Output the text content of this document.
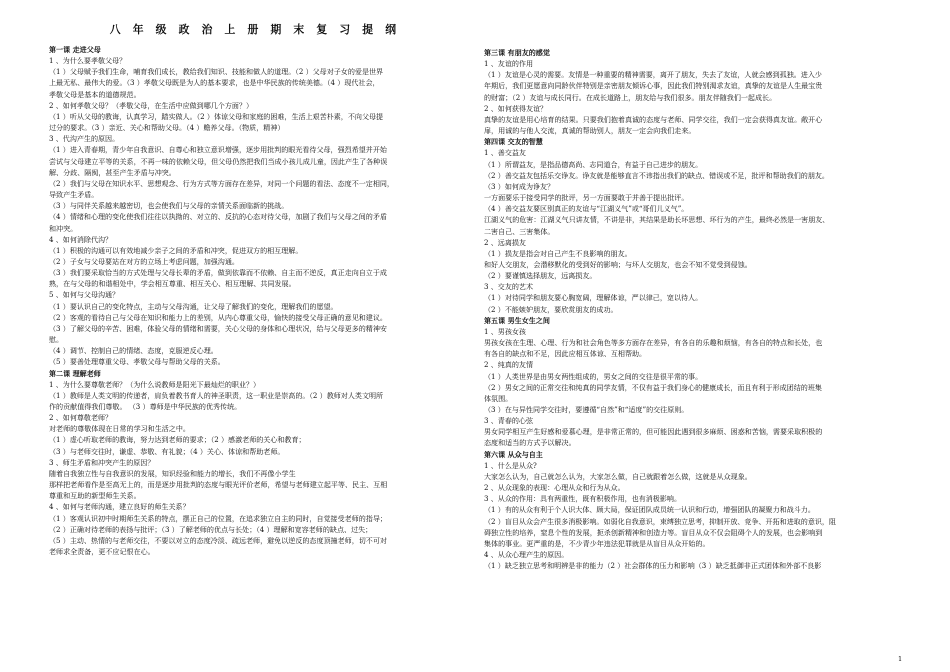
八 年 级 政 治 上 册 期 末 复 习 提 纲
第一课 走进父母
1 、为什么要孝敬父母？
（1 ）父母赋予我们生命，哺育我们成长，教给我们知识、技能和做人的道理。（2 ）父母对子女的爱是世界
上最无私、最伟大的爱。（3 ）孝敬父母既是为人的基本要求，也是中华民族的传统美德。（4 ）现代社会，
孝敬父母是基本的道德规范。
2 、如何孝敬父母？（孝敬父母，在生活中应做到哪几个方面？）
（1 ）听从父母的教诲，认真学习，踏实做人。（2 ）体谅父母和家庭的困难，生活上艰苦朴素，不向父母提
过分的要求。（3 ）亲近、关心和帮助父母。（4 ）赡养父母。（物质，精神）
3 、代沟产生的原因。
（1 ）进入青春期，青少年自我意识、自尊心和独立意识增强，逐步用批判的眼光看待父母，强烈希望并开始
尝试与父母建立平等的关系，不再一味的依赖父母，但父母仍然把我们当成小孩儿成儿童，因此产生了各种误
解、分歧、隔阂，甚至产生矛盾与冲突。
（2 ）我们与父母在知识水平、思想观念、行为方式等方面存在差异，对同一个问题的看法、态度不一定相同，
导致产生矛盾。
（3 ）与同伴关系越来越密切，也会使我们与父母的亲情关系面临新的挑战。
（4 ）情绪和心理的变化使我们往往以执拗的、对立的、反抗的心态对待父母，加剧了我们与父母之间的矛盾
和冲突。
4 、如何消除代沟？
（1 ）积极的沟通可以有效地减少亲子之间的矛盾和冲突，促进双方的相互理解。
（2 ）子女与父母要站在对方的立场上考虑问题，加强沟通。
（3 ）我们要采取恰当的方式处理与父母长辈的矛盾，做到依靠而不依赖、自主而不逆反，真正走向自立于成
熟，在与父母的和谐相处中，学会相互尊重、相互关心、相互理解、共同发展。
5 、如何与父母沟通？
（1 ）要认识自己的变化特点，主动与父母沟通，让父母了解我们的变化，理解我们的愿望。
（2 ）客观的看待自己与父母在知识和能力上的差别，从内心尊重父母，愉快的接受父母正确的意见和建议。
（3 ）了解父母的辛苦、困难，体验父母的情绪和需要，关心父母的身体和心理状况，给与父母更多的精神安
慰。
（4 ）调节、控制自己的情绪、态度，克服逆反心理。
（5 ）要善处理尊重父母、孝敬父母与帮助父母的关系。
第二课 理解老师
1 、为什么要尊敬老师？（为什么说教师是阳光下最灿烂的职业？）
（1 ）教师是人类文明的传递者，肩负着教书育人的神圣职责，这一职业是崇高的。（2 ）教师对人类文明所
作的贡献值得我们尊敬。 （3 ）尊师是中华民族的优秀传统。
2 、如何尊敬老师？
对老师的尊敬体现在日常的学习和生活之中。
（1 ）虚心听取老师的教诲，努力达到老师的要求；（2 ）感激老师的关心和教育；
（3 ）与老师交往时，谦虚、恭敬、有礼貌；（4 ）关心、体谅和帮助老师。
3 、师生矛盾和冲突产生的原因？
随着自我独立性与自我意识的发展，知识经验和能力的增长，我们不再像小学生
那样把老师看作是至高无上的，而是逐步用批判的态度与眼光评价老师，希望与老师建立起平等、民主、互相
尊重和互助的新型师生关系。
4 、如何与老师沟通，建立良好的师生关系？
（1 ）客观认识初中时期师生关系的特点，摆正自己的位置，在追求独立自主的同时，自觉接受老师的指导；
（2 ）正确对待老师的表扬与批评；（3 ）了解老师的优点与长处；（4 ）理解和宽容老师的缺点、过失；
（5 ）主动、热情的与老师交往，不要以对立的态度冷淡、疏远老师，避免以逆反的态度顶撞老师，切不可对
老师求全责备，更不应记恨在心。
第三课 有朋友的感觉
1 、友谊的作用
（1 ）友谊是心灵的需要。友情是一种重要的精神需要，离开了朋友，失去了友谊，人就会感到孤独。进入少
年期后，我们更愿意向同龄伙伴特别是亲密朋友倾诉心事，因此我们特别渴求友谊，真挚的友谊是人生最宝贵
的财富；（2 ）友谊与成长同行。在成长道路上，朋友给与我们很多。朋友伴随我们一起成长。
2 、如何获得友谊？
真挚的友谊是用心培育的结果。只要我们抱着真诚的态度与老师、同学交往，我们一定会获得真友谊。敞开心
扉，用诚的与他人交流，真诚的帮助别人，朋友一定会向我们走来。
第四课 交友的智慧
1 、善交益友
（1 ）所谓益友，是指品德高尚、志同道合，有益于自己进步的朋友。
（2 ）善交益友包括乐交诤友。诤友就是能够直言不讳指出我们的缺点、错误或不足，批评和帮助我们的朋友。
（3 ）如何成为诤友？
一方面要乐于接受同学的批评，另一方面要敢于并善于提出批评。
（4 ）善交益友要区别真正的友谊与“江湖义气”或“哥们儿义气”。
江湖义气的危害：江湖义气只讲友情，不讲是非，其结果是助长坏思想、坏行为的产生，最终必然是一害朋友、
二害自己、三害集体。
2 、远离损友
（1 ）损友是指会对自己产生不良影响的朋友。
和好人交朋友，会潜移默化的受到好的影响；与坏人交朋友，也会不知不觉受到侵蚀。
（2 ）要谨慎选择朋友，远离损友。
3 、交友的艺术
（1 ）对待同学和朋友要心胸宽阔，理解体谅，严以律己，宽以待人。
（2 ）不能嫉妒朋友，要欣赏朋友的成功。
第五课 男生女生之间
1 、男孩女孩
男孩女孩在生理、心理、行为和社会角色等多方面存在差异，有各自的乐趣和烦恼，有各自的特点和长处，也
有各自的缺点和不足，因此应相互体谅、互相帮助。
2 、纯真的友情
（1 ）人类世界是由男女两性组成的，男女之间的交往是很平常的事。
（2 ）男女之间的正常交往和纯真的同学友情，不仅有益于我们身心的健康成长，而且有利于形成团结的班集
体氛围。
（3 ）在与异性同学交往时，要遵循“自然”和“适度”的交往原则。
3 、青春的心弦
男女同学相互产生好感和爱慕心理，是非常正常的，但可能因此遇到很多麻烦、困惑和苦恼，需要采取积极的
态度和适当的方式予以解决。
第六课 从众与自主
1 、什么是从众?
大家怎么认为，自己就怎么认为，大家怎么做，自己就跟着怎么做，这就是从众现象。
2 、从众现象的表现：心理从众和行为从众。
3 、从众的作用：具有两重性，既有积极作用，也有消极影响。
（1 ）有的从众有利于个人识大体、顾大局，保证团队成员统一认识和行动，增强团队的凝聚力和战斗力。
（2 ）盲目从众会产生很多消极影响。如弱化自我意识，束缚独立思考，抑制开放、竞争、开拓和进取的意识，阻
碍独立性的培养，窒息个性的发展，扼杀创新精神和创造力等。盲目从众不仅会阻碍个人的发展，也会影响到
集体的事业。更严重的是，不少青少年违法犯罪就是从盲目从众开始的。
4 、从众心理产生的原因。
（1 ）缺乏独立思考和明辨是非的能力（2 ）社会群体的压力和影响（3 ）缺乏抵御非正式团体和外部不良影
1
